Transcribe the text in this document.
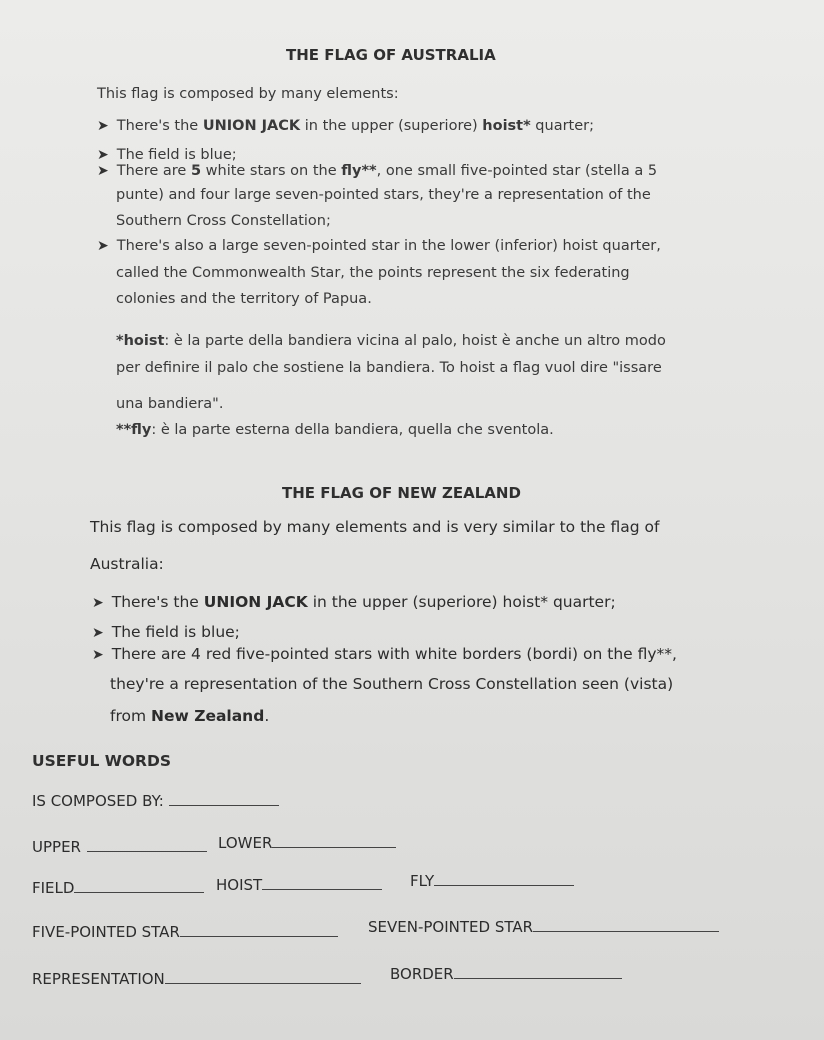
THE FLAG OF AUSTRALIA
This flag is composed by many elements:
➤ There's the UNION JACK in the upper (superiore) hoist* quarter;
➤ The field is blue;
➤ There are 5 white stars on the fly**, one small five-pointed star (stella a 5
punte) and four large seven-pointed stars, they're a representation of the
Southern Cross Constellation;
➤ There's also a large seven-pointed star in the lower (inferior) hoist quarter,
called the Commonwealth Star, the points represent the six federating
colonies and the territory of Papua.
*hoist: è la parte della bandiera vicina al palo, hoist è anche un altro modo
per definire il palo che sostiene la bandiera. To hoist a flag vuol dire "issare
una bandiera".
**fly: è la parte esterna della bandiera, quella che sventola.
THE FLAG OF NEW ZEALAND
This flag is composed by many elements and is very similar to the flag of
Australia:
➤ There's the UNION JACK in the upper (superiore) hoist* quarter;
➤ The field is blue;
➤ There are 4 red five-pointed stars with white borders (bordi) on the fly**,
they're a representation of the Southern Cross Constellation seen (vista)
from New Zealand.
USEFUL WORDS
IS COMPOSED BY:
UPPER	LOWER
FIELD	HOIST	FLY
FIVE-POINTED STAR	SEVEN-POINTED STAR
REPRESENTATION	BORDER
